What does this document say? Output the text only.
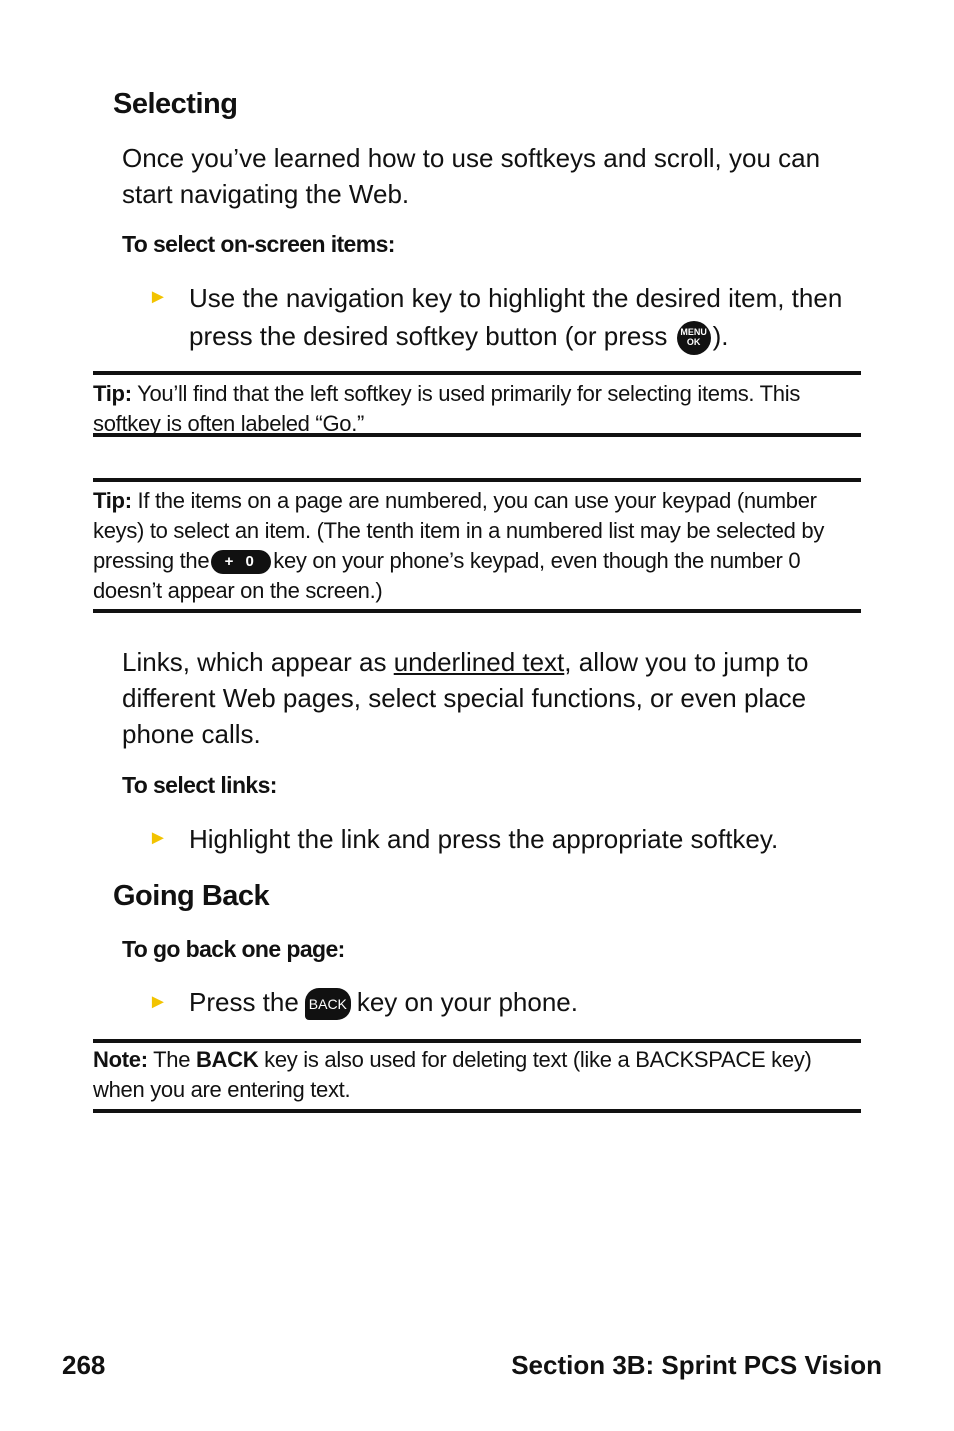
Selecting
Once you’ve learned how to use softkeys and scroll, you can
start navigating the Web.
To select on-screen items:
► Use the navigation key to highlight the desired item, then
press the desired softkey button (or press MENU
OK ).
Tip: You’ll find that the left softkey is used primarily for selecting items. This
softkey is often labeled “Go.”
Tip: If the items on a page are numbered, you can use your keypad (number
keys) to select an item. (The tenth item in a numbered list may be selected by
pressing the + 0 key on your phone’s keypad, even though the number 0
doesn’t appear on the screen.)
Links, which appear as underlined text, allow you to jump to
different Web pages, select special functions, or even place
phone calls.
To select links:
► Highlight the link and press the appropriate softkey.
Going Back
To go back one page:
► Press the BACK key on your phone.
Note: The BACK key is also used for deleting text (like a BACKSPACE key)
when you are entering text.
268	Section 3B: Sprint PCS Vision
